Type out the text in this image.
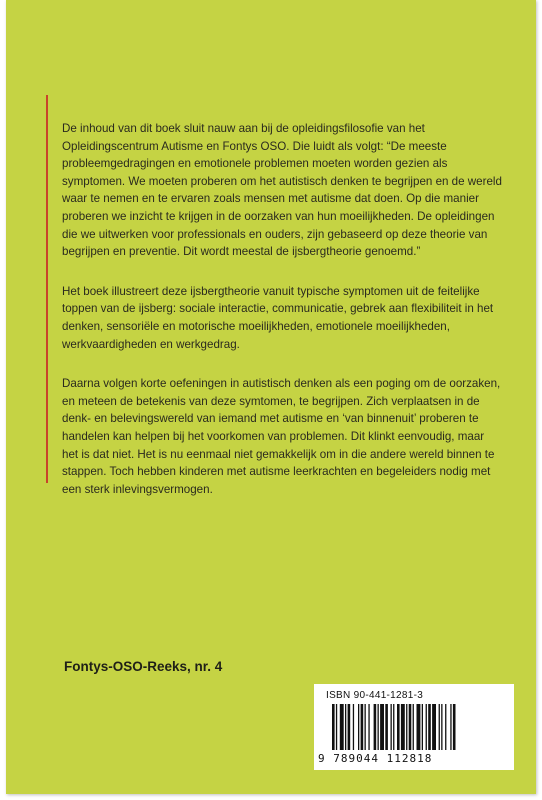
De inhoud van dit boek sluit nauw aan bij de opleidingsfilosofie van het Opleidingscentrum Autisme en Fontys OSO. Die luidt als volgt: “De meeste probleemgedragingen en emotionele problemen moeten worden gezien als symptomen. We moeten proberen om het autistisch denken te begrijpen en de wereld waar te nemen en te ervaren zoals mensen met autisme dat doen. Op die manier proberen we inzicht te krijgen in de oorzaken van hun moeilijkheden. De opleidingen die we uitwerken voor professionals en ouders, zijn gebaseerd op deze theorie van begrijpen en preventie. Dit wordt meestal de ijsbergtheorie genoemd.”

Het boek illustreert deze ijsbergtheorie vanuit typische symptomen uit de feitelijke toppen van de ijsberg: sociale interactie, communicatie, gebrek aan flexibiliteit in het denken, sensoriële en motorische moeilijkheden, emotionele moeilijkheden, werkvaardigheden en werkgedrag.

Daarna volgen korte oefeningen in autistisch denken als een poging om de oorzaken, en meteen de betekenis van deze symtomen, te begrijpen. Zich verplaatsen in de denk- en belevingswereld van iemand met autisme en ‘van binnenuit’ proberen te handelen kan helpen bij het voorkomen van problemen. Dit klinkt eenvoudig, maar het is dat niet. Het is nu eenmaal niet gemakkelijk om in die andere wereld binnen te stappen. Toch hebben kinderen met autisme leerkrachten en begeleiders nodig met een sterk inlevingsvermogen.

Fontys-OSO-Reeks, nr. 4
ISBN 90-441-1281-3
9 789044 112818
